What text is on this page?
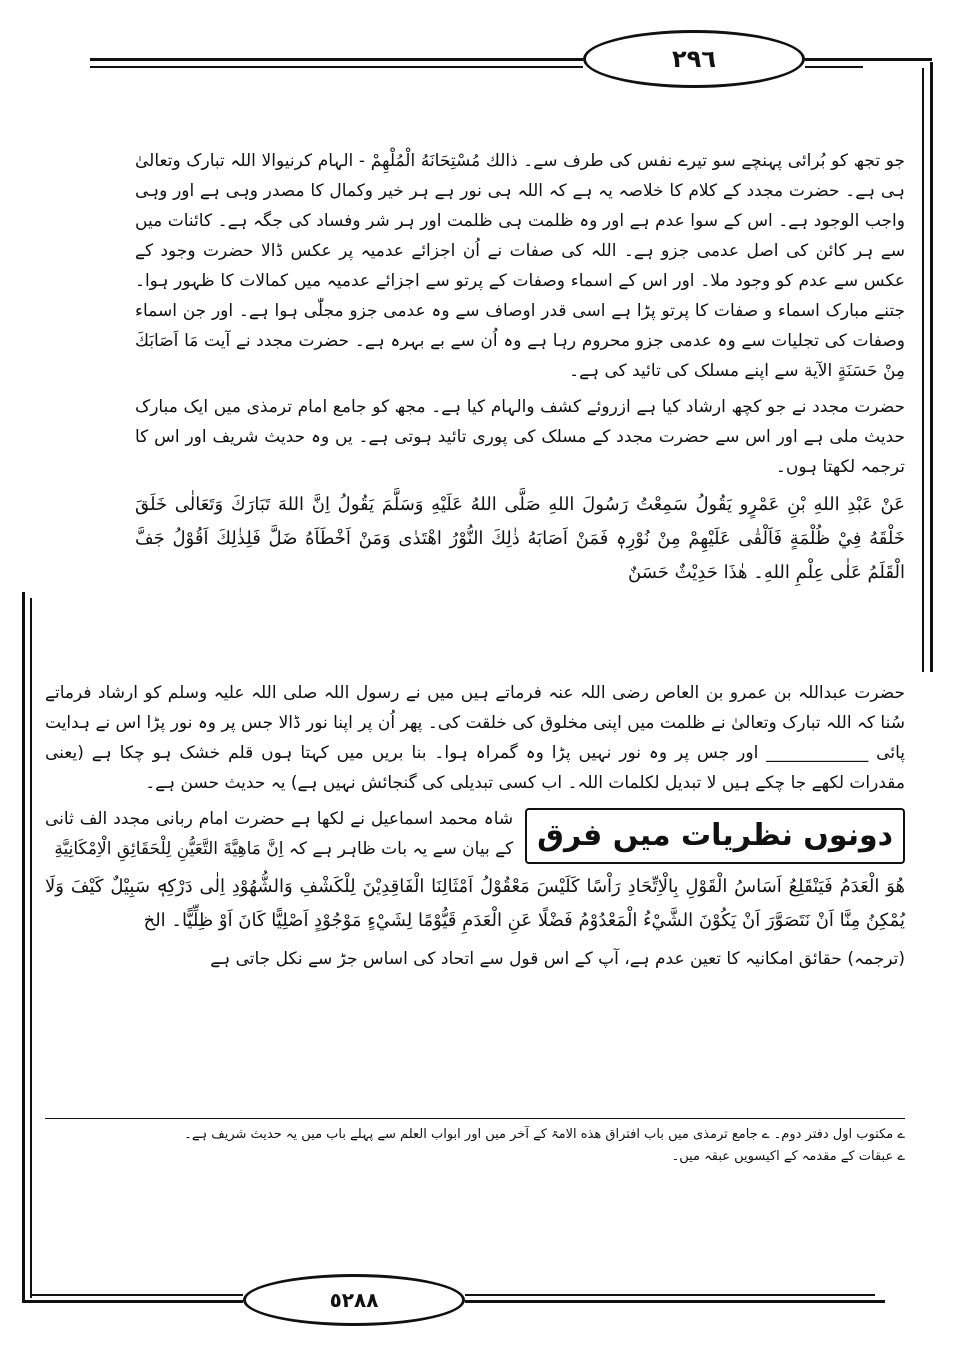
٢٩٦

جو تجھ کو بُرائی پہنچے سو تیرے نفس کی طرف سے۔ ذالك مُسْتِحَانَهُ الْمُلْهِمْ - الہام کرنیوالا اللہ تبارک وتعالیٰ ہی ہے۔ حضرت مجدد کے کلام کا خلاصہ یہ ہے کہ اللہ ہی نور ہے ہر خیر وکمال کا مصدر وہی ہے اور وہی واجب الوجود ہے۔ اس کے سوا عدم ہے اور وہ ظلمت ہی ظلمت اور ہر شر وفساد کی جگہ ہے۔ کائنات میں سے ہر کائن کی اصل عدمی جزو ہے۔ اللہ کی صفات نے اُن اجزائے عدمیہ پر عکس ڈالا حضرت وجود کے عکس سے عدم کو وجود ملا۔ اور اس کے اسماء وصفات کے پرتو سے اجزائے عدمیہ میں کمالات کا ظہور ہوا۔ جتنے مبارک اسماء و صفات کا پرتو پڑا ہے اسی قدر اوصاف سے وہ عدمی جزو مجلّٰی ہوا ہے۔ اور جن اسماء وصفات کی تجلیات سے وہ عدمی جزو محروم رہا ہے وہ اُن سے بے بہرہ ہے۔ حضرت مجدد نے آیت مَا اَصَابَكَ مِنْ حَسَنَةٍ الآیة سے اپنے مسلک کی تائید کی ہے۔

حضرت مجدد نے جو کچھ ارشاد کیا ہے ازروئے کشف والہام کیا ہے۔ مجھ کو جامع امام ترمذی میں ایک مبارک حدیث ملی ہے اور اس سے حضرت مجدد کے مسلک کی پوری تائید ہوتی ہے۔ یں وہ حدیث شریف اور اس کا ترجمہ لکھتا ہوں۔

عَنْ عَبْدِ اللهِ بْنِ عَمْرٍو يَقُولُ سَمِعْتُ رَسُولَ اللهِ صَلَّى اللهُ عَلَيْهِ وَسَلَّمَ يَقُولُ اِنَّ اللهَ تَبَارَكَ وَتَعَالٰى خَلَقَ خَلْقَهُ فِيْ ظُلْمَةٍ فَاَلْقٰى عَلَيْهِمْ مِنْ نُوْرِهٖ فَمَنْ اَصَابَهُ ذٰلِكَ النُّوْرُ اهْتَدٰى وَمَنْ اَخْطَاَهُ ضَلَّ فَلِذٰلِكَ اَقُوْلُ جَفَّ الْقَلَمُ عَلٰى عِلْمِ اللهِ۔ هٰذَا حَدِيْثٌ حَسَنٌ

حضرت عبداللہ بن عمرو بن العاص رضی اللہ عنہ فرماتے ہیں میں نے رسول اللہ صلی اللہ علیہ وسلم کو ارشاد فرماتے سُنا کہ اللہ تبارک وتعالیٰ نے ظلمت میں اپنی مخلوق کی خلقت کی۔ پھر اُن پر اپنا نور ڈالا جس پر وہ نور پڑا اس نے ہدایت پائی ____________ اور جس پر وہ نور نہیں پڑا وہ گمراہ ہوا۔ بنا بریں میں کہتا ہوں قلم خشک ہو چکا ہے (یعنی مقدرات لکھے جا چکے ہیں لا تبدیل لکلمات اللہ۔ اب کسی تبدیلی کی گنجائش نہیں ہے) یہ حدیث حسن ہے۔

دونوں نظریات میں فرق

شاہ محمد اسماعیل نے لکھا ہے حضرت امام ربانی مجدد الف ثانی کے بیان سے یہ بات ظاہر ہے کہ اِنَّ مَاهِيَّةَ التَّعَيُّنِ لِلْحَقَائِقِ الْاِمْكَانِيَّةِ

هُوَ الْعَدَمُ فَيَنْقَلِعُ اَسَاسُ الْقَوْلِ بِالْاِتِّحَادِ رَاْسًا كَلَيْسَ مَعْقُوْلُ اَمْثَالِنَا الْفَاقِدِيْنَ لِلْكَشْفِ وَالشُّهُوْدِ اِلٰى دَرْكِهٖ سَبِيْلٌ كَيْفَ وَلَا يُمْكِنُ مِنَّا اَنْ نَتَصَوَّرَ اَنْ يَكُوْنَ الشَّيْءُ الْمَعْدُوْمُ فَضْلًا عَنِ الْعَدَمِ قَيُّوْمًا لِشَيْءٍ مَوْجُوْدٍ اَصْلِيًّا كَانَ اَوْ ظِلِّيًّا۔ الخ

(ترجمہ) حقائق امکانیہ کا تعین عدم ہے، آپ کے اس قول سے اتحاد کی اساس جڑ سے نکل جاتی ہے

ے مکتوب اول دفتر دوم۔ ے جامع ترمذی میں باب افتراق هذه الامۃ کے آخر میں اور ابواب العلم سے پہلے باب میں یہ حدیث شریف ہے۔
ے عبقات کے مقدمہ کے اکیسویں عبقہ میں۔
٥٢٨٨
